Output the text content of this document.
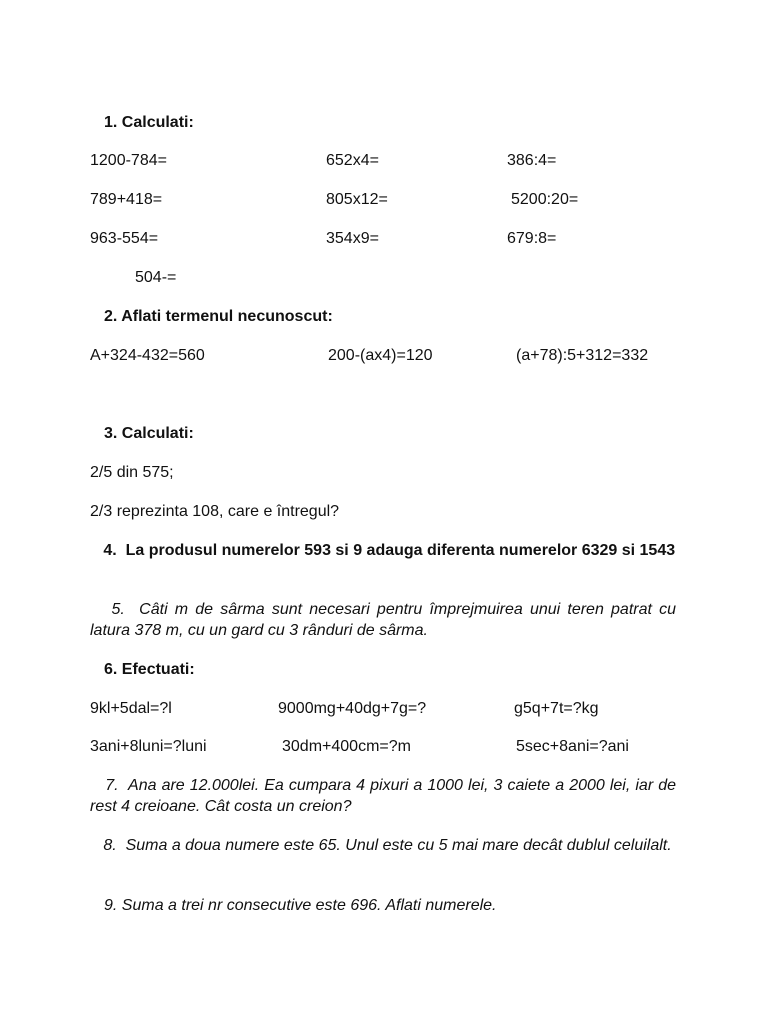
1. Calculati:
1200-784=	652x4=	386:4=
789+418=	805x12=	5200:20=
963-554=	354x9=	679:8=
504-=
2. Aflati termenul necunoscut:
A+324-432=560	200-(ax4)=120	(a+78):5+312=332
3. Calculati:
2/5 din 575;
2/3 reprezinta 108, care e întregul?
4.  La produsul numerelor 593 si 9 adauga diferenta numerelor 6329 si 1543
5.  Câti m de sârma sunt necesari pentru împrejmuirea unui teren patrat cu latura 378 m, cu un gard cu 3 rânduri de sârma.
6. Efectuati:
9kl+5dal=?l	9000mg+40dg+7g=?	g5q+7t=?kg
3ani+8luni=?luni	30dm+400cm=?m	5sec+8ani=?ani
7.  Ana are 12.000lei. Ea cumpara 4 pixuri a 1000 lei, 3 caiete a 2000 lei, iar de rest 4 creioane. Cât costa un creion?
8.  Suma a doua numere este 65. Unul este cu 5 mai mare decât dublul celuilalt.
9. Suma a trei nr consecutive este 696. Aflati numerele.
